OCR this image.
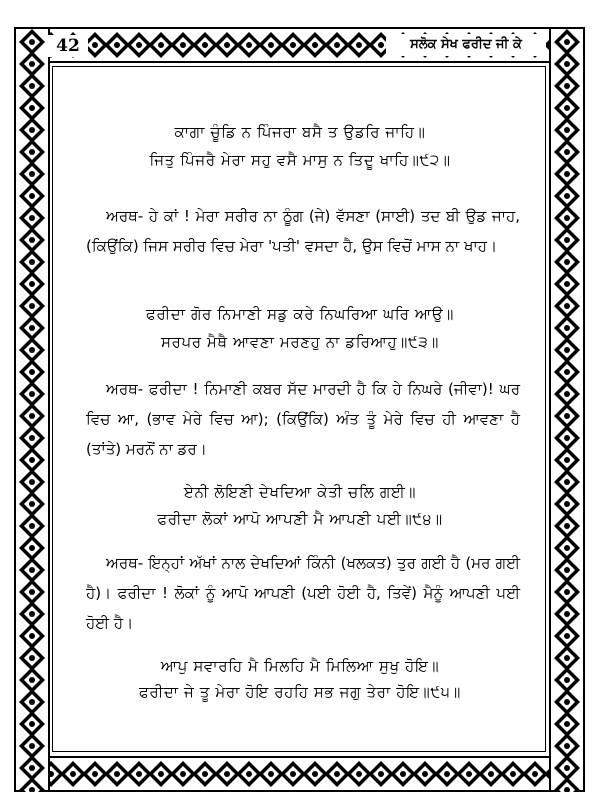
42	ਸਲੋਕ ਸੇਖ ਫਰੀਦ ਜੀ ਕੇ
ਕਾਗਾ ਚੂੰਡਿ ਨ ਪਿੰਜਰਾ ਬਸੈ ਤ ਉਡਰਿ ਜਾਹਿ॥
ਜਿਤੁ ਪਿੰਜਰੈ ਮੇਰਾ ਸਹੁ ਵਸੈ ਮਾਸੁ ਨ ਤਿਦੂ ਖਾਹਿ॥੯੨॥
ਅਰਥ- ਹੇ ਕਾਂ ! ਮੇਰਾ ਸਰੀਰ ਨਾ ਠੂੰਗ (ਜੇ) ਵੱਸਣਾ (ਸਾਈ) ਤਦ ਬੀ ਉਡ ਜਾਹ, (ਕਿਉਂਕਿ) ਜਿਸ ਸਰੀਰ ਵਿਚ ਮੇਰਾ 'ਪਤੀ' ਵਸਦਾ ਹੈ, ਉਸ ਵਿਚੋਂ ਮਾਸ ਨਾ ਖਾਹ।
ਫਰੀਦਾ ਗੋਰ ਨਿਮਾਣੀ ਸਡੁ ਕਰੇ ਨਿਘਰਿਆ ਘਰਿ ਆਉ॥
ਸਰਪਰ ਮੈਥੈ ਆਵਣਾ ਮਰਣਹੁ ਨਾ ਡਰਿਆਹੁ॥੯੩॥
ਅਰਥ- ਫਰੀਦਾ ! ਨਿਮਾਣੀ ਕਬਰ ਸੱਦ ਮਾਰਦੀ ਹੈ ਕਿ ਹੇ ਨਿਘਰੇ (ਜੀਵਾ)! ਘਰ ਵਿਚ ਆ, (ਭਾਵ ਮੇਰੇ ਵਿਚ ਆ); (ਕਿਉਂਕਿ) ਅੰਤ ਤੂੰ ਮੇਰੇ ਵਿਚ ਹੀ ਆਵਣਾ ਹੈ (ਤਾਂਤੇ) ਮਰਨੋਂ ਨਾ ਡਰ।
ਏਨੀ ਲੋਇਣੀ ਦੇਖਦਿਆ ਕੇਤੀ ਚਲਿ ਗਈ॥
ਫਰੀਦਾ ਲੋਕਾਂ ਆਪੋ ਆਪਣੀ ਮੈ ਆਪਣੀ ਪਈ॥੯੪॥
ਅਰਥ- ਇਨ੍ਹਾਂ ਅੱਖਾਂ ਨਾਲ ਦੇਖਦਿਆਂ ਕਿੰਨੀ (ਖਲਕਤ) ਤੁਰ ਗਈ ਹੈ (ਮਰ ਗਈ ਹੈ)। ਫਰੀਦਾ ! ਲੋਕਾਂ ਨੂੰ ਆਪੋ ਆਪਣੀ (ਪਈ ਹੋਈ ਹੈ, ਤਿਵੇਂ) ਮੈਨੂੰ ਆਪਣੀ ਪਈ ਹੋਈ ਹੈ।
ਆਪੁ ਸਵਾਰਹਿ ਮੈ ਮਿਲਹਿ ਮੈ ਮਿਲਿਆ ਸੁਖੁ ਹੋਇ॥
ਫਰੀਦਾ ਜੇ ਤੂ ਮੇਰਾ ਹੋਇ ਰਹਹਿ ਸਭ ਜਗੁ ਤੇਰਾ ਹੋਇ॥੯੫॥
